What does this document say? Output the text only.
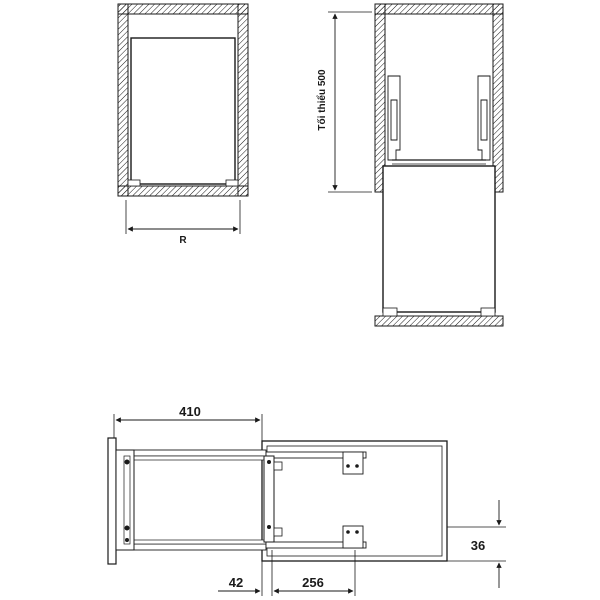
R
Tối thiểu 500
410
42	256
36
